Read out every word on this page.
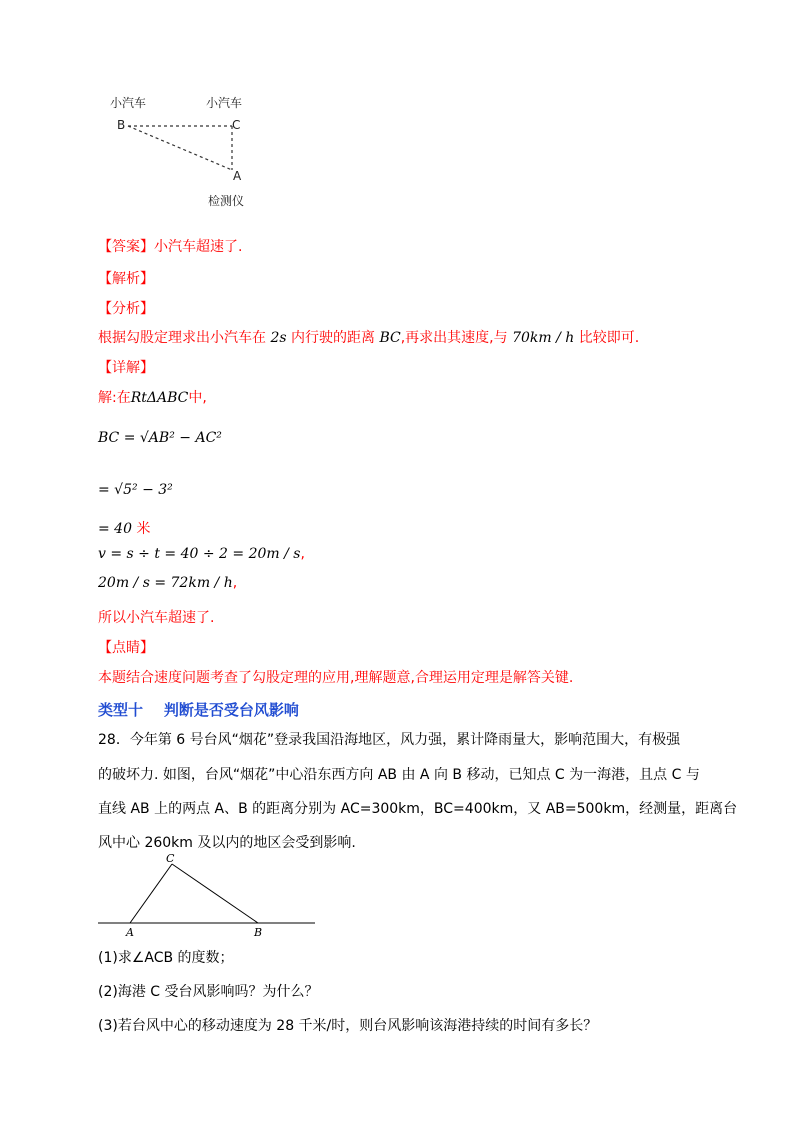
小汽车	小汽车
B	C
A
检测仪
【答案】小汽车超速了.
【解析】
【分析】
根据勾股定理求出小汽车在 2s 内行驶的距离 BC,再求出其速度,与 70km / h 比较即可.
【详解】
解:在RtΔABC中,
BC = √AB² − AC²
= √5² − 3²
= 40 米
v = s ÷ t = 40 ÷ 2 = 20m / s,
20m / s = 72km / h,
所以小汽车超速了.
【点睛】
本题结合速度问题考查了勾股定理的应用,理解题意,合理运用定理是解答关键.
类型十    判断是否受台风影响
28．今年第 6 号台风“烟花”登录我国沿海地区，风力强，累计降雨量大，影响范围大，有极强
的破坏力. 如图，台风“烟花”中心沿东西方向 AB 由 A 向 B 移动，已知点 C 为一海港，且点 C 与
直线 AB 上的两点 A、B 的距离分别为 AC=300km，BC=400km，又 AB=500km，经测量，距离台
风中心 260km 及以内的地区会受到影响.
C
A	B
(1)求∠ACB 的度数；
(2)海港 C 受台风影响吗？为什么？
(3)若台风中心的移动速度为 28 千米/时，则台风影响该海港持续的时间有多长？
